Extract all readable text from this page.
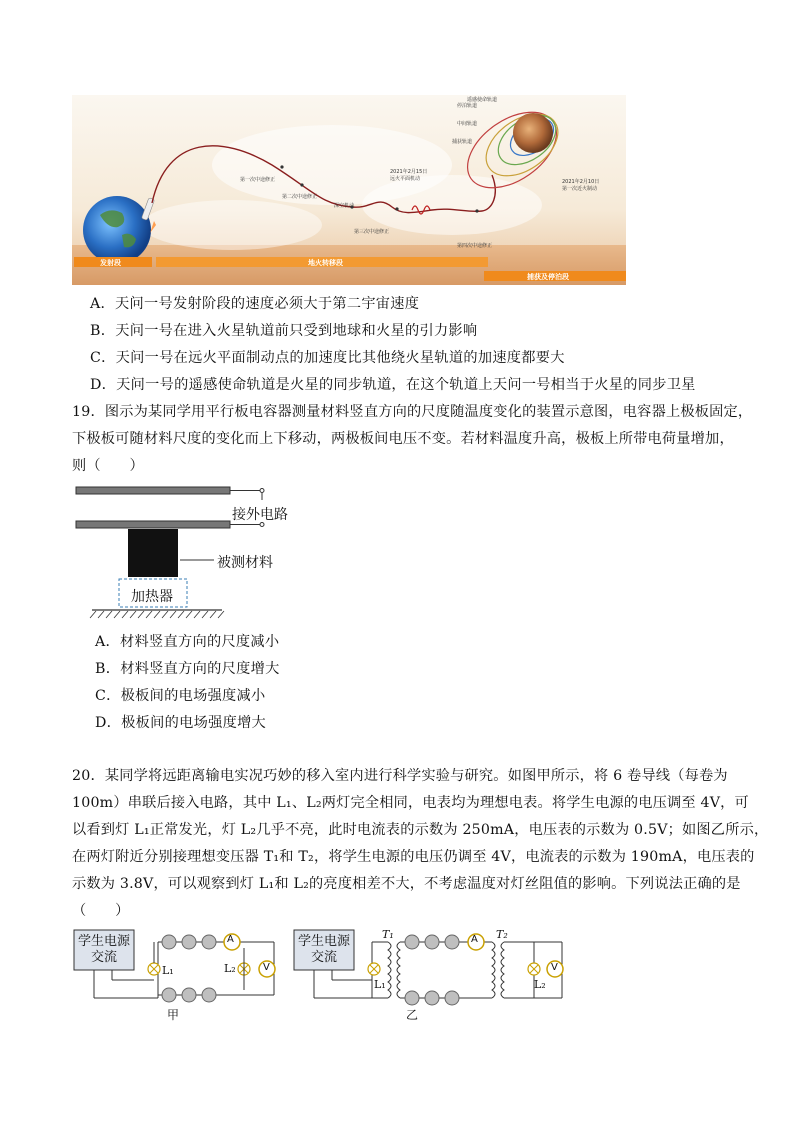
第一次中途修正
第二次中途修正
深空机动
第三次中途修正
第四次中途修正
捕获轨道
中间轨道
停泊轨道
遥感使命轨道
2021年2月15日
远火平面机动	2021年2月10日
第一次近火制动
发射段	地火转移段
捕获及停泊段
A．天问一号发射阶段的速度必须大于第二宇宙速度
B．天问一号在进入火星轨道前只受到地球和火星的引力影响
C．天问一号在远火平面制动点的加速度比其他绕火星轨道的加速度都要大
D．天问一号的遥感使命轨道是火星的同步轨道，在这个轨道上天问一号相当于火星的同步卫星
19．图示为某同学用平行板电容器测量材料竖直方向的尺度随温度变化的装置示意图，电容器上极板固定，
下极板可随材料尺度的变化而上下移动，两极板间电压不变。若材料温度升高，极板上所带电荷量增加，
则（　　）
接外电路
被测材料
加热器
A．材料竖直方向的尺度减小
B．材料竖直方向的尺度增大
C．极板间的电场强度减小
D．极板间的电场强度增大
20．某同学将远距离输电实况巧妙的移入室内进行科学实验与研究。如图甲所示，将 6 卷导线（每卷为
100m）串联后接入电路，其中 L₁、L₂两灯完全相同，电表均为理想电表。将学生电源的电压调至 4V，可
以看到灯 L₁正常发光，灯 L₂几乎不亮，此时电流表的示数为 250mA，电压表的示数为 0.5V；如图乙所示，
在两灯附近分别接理想变压器 T₁和 T₂，将学生电源的电压仍调至 4V，电流表的示数为 190mA，电压表的
示数为 3.8V，可以观察到灯 L₁和 L₂的亮度相差不大，不考虑温度对灯丝阻值的影响。下列说法正确的是
（　　）
学生电源
交流
A
V
L₁	L₂
甲
学生电源
交流
T₁	T₂
A
V
L₁	L₂
乙
